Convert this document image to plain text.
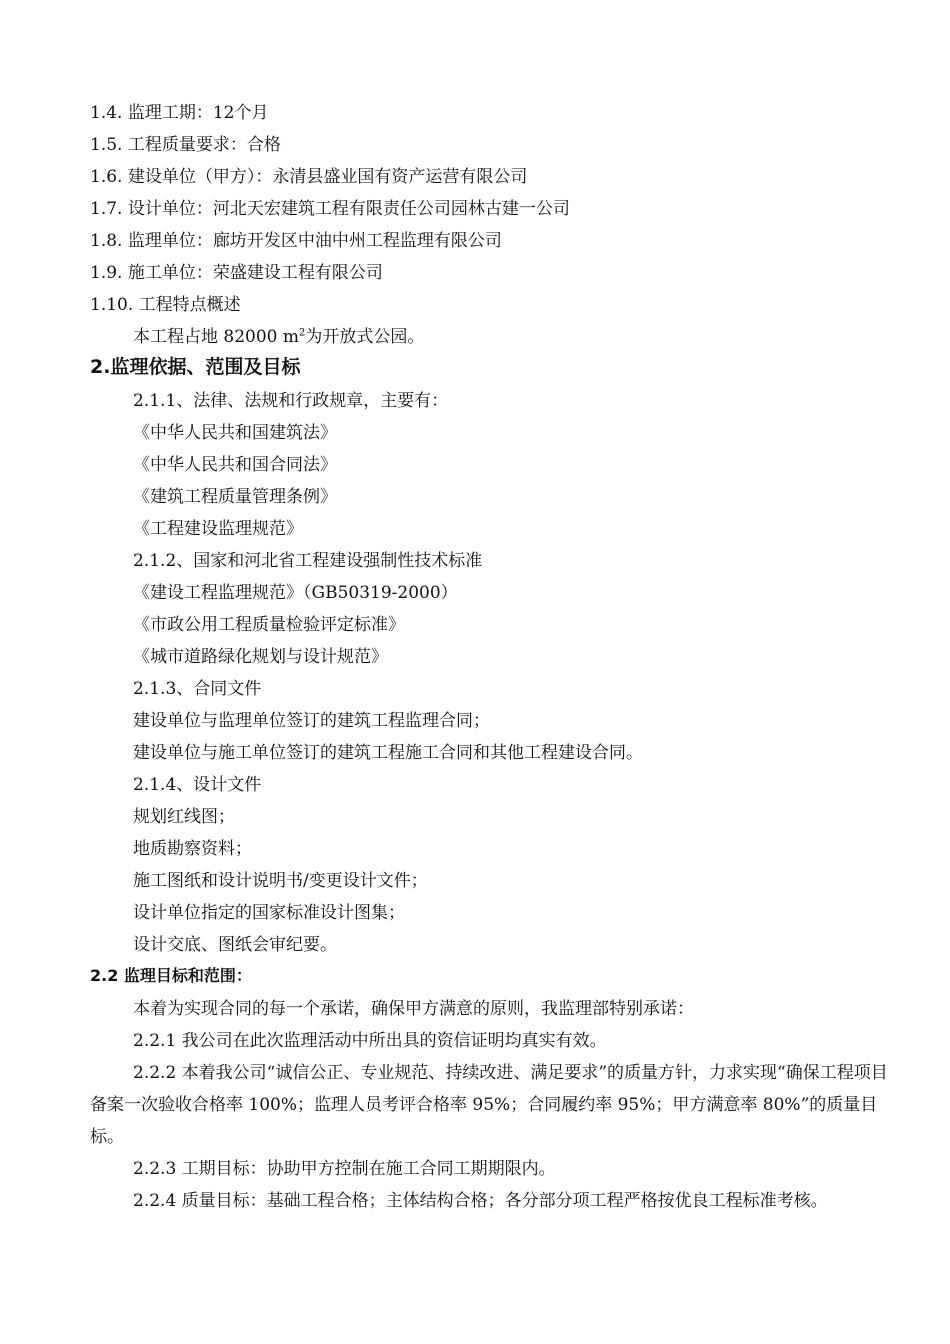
1.4. 监理工期：12个月
1.5. 工程质量要求：合格
1.6. 建设单位（甲方）：永清县盛业国有资产运营有限公司
1.7. 设计单位：河北天宏建筑工程有限责任公司园林古建一公司
1.8. 监理单位：廊坊开发区中油中州工程监理有限公司
1.9. 施工单位：荣盛建设工程有限公司
1.10. 工程特点概述
本工程占地 82000 $m^2$为开放式公园。
2.监理依据、范围及目标
2.1.1、法律、法规和行政规章，主要有：
《中华人民共和国建筑法》
《中华人民共和国合同法》
《建筑工程质量管理条例》
《工程建设监理规范》
2.1.2、国家和河北省工程建设强制性技术标准
《建设工程监理规范》（GB50319-2000）
《市政公用工程质量检验评定标准》
《城市道路绿化规划与设计规范》
2.1.3、合同文件
建设单位与监理单位签订的建筑工程监理合同；
建设单位与施工单位签订的建筑工程施工合同和其他工程建设合同。
2.1.4、设计文件
规划红线图；
地质勘察资料；
施工图纸和设计说明书/变更设计文件；
设计单位指定的国家标准设计图集；
设计交底、图纸会审纪要。
2.2 监理目标和范围：
本着为实现合同的每一个承诺，确保甲方满意的原则，我监理部特别承诺：
2.2.1 我公司在此次监理活动中所出具的资信证明均真实有效。
2.2.2 本着我公司“诚信公正、专业规范、持续改进、满足要求”的质量方针，力求实现“确保工程项目备案一次验收合格率 100%；监理人员考评合格率 95%；合同履约率 95%；甲方满意率 80%”的质量目标。
2.2.3 工期目标：协助甲方控制在施工合同工期期限内。
2.2.4 质量目标：基础工程合格；主体结构合格；各分部分项工程严格按优良工程标准考核。
